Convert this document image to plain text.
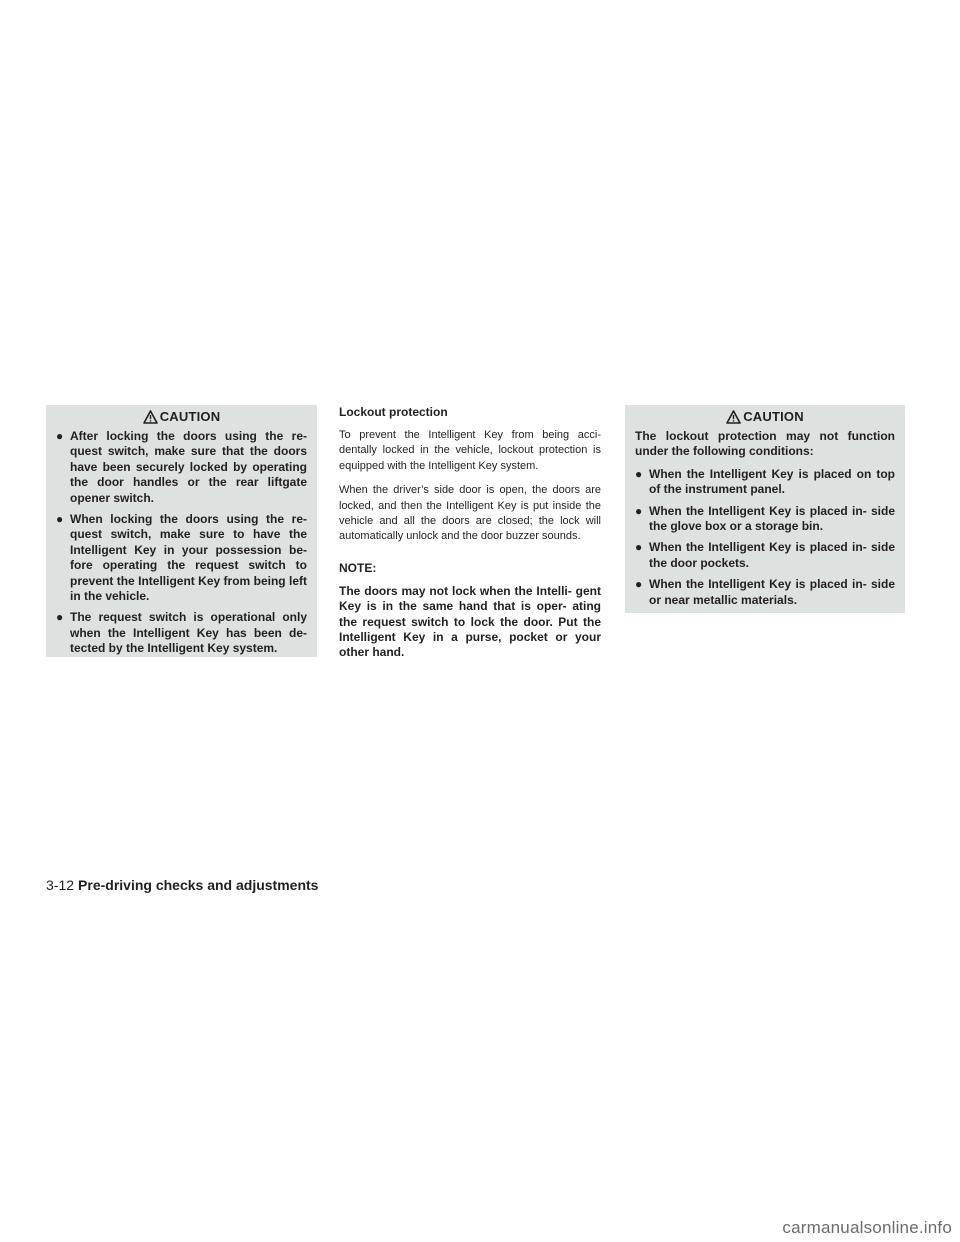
CAUTION
● After locking the doors using the re- quest switch, make sure that the doors have been securely locked by operating the door handles or the rear liftgate opener switch.
● When locking the doors using the re- quest switch, make sure to have the Intelligent Key in your possession be- fore operating the request switch to prevent the Intelligent Key from being left in the vehicle.
● The request switch is operational only when the Intelligent Key has been de- tected by the Intelligent Key system.
Lockout protection

To prevent the Intelligent Key from being acci- dentally locked in the vehicle, lockout protection is equipped with the Intelligent Key system.

When the driver’s side door is open, the doors are locked, and then the Intelligent Key is put inside the vehicle and all the doors are closed; the lock will automatically unlock and the door buzzer sounds.

NOTE:

The doors may not lock when the Intelli- gent Key is in the same hand that is oper- ating the request switch to lock the door. Put the Intelligent Key in a purse, pocket or your other hand.

CAUTION

The lockout protection may not function under the following conditions:

● When the Intelligent Key is placed on top of the instrument panel.
● When the Intelligent Key is placed in- side the glove box or a storage bin.
● When the Intelligent Key is placed in- side the door pockets.
● When the Intelligent Key is placed in- side or near metallic materials.
3-12 Pre-driving checks and adjustments
carmanualsonline.info
